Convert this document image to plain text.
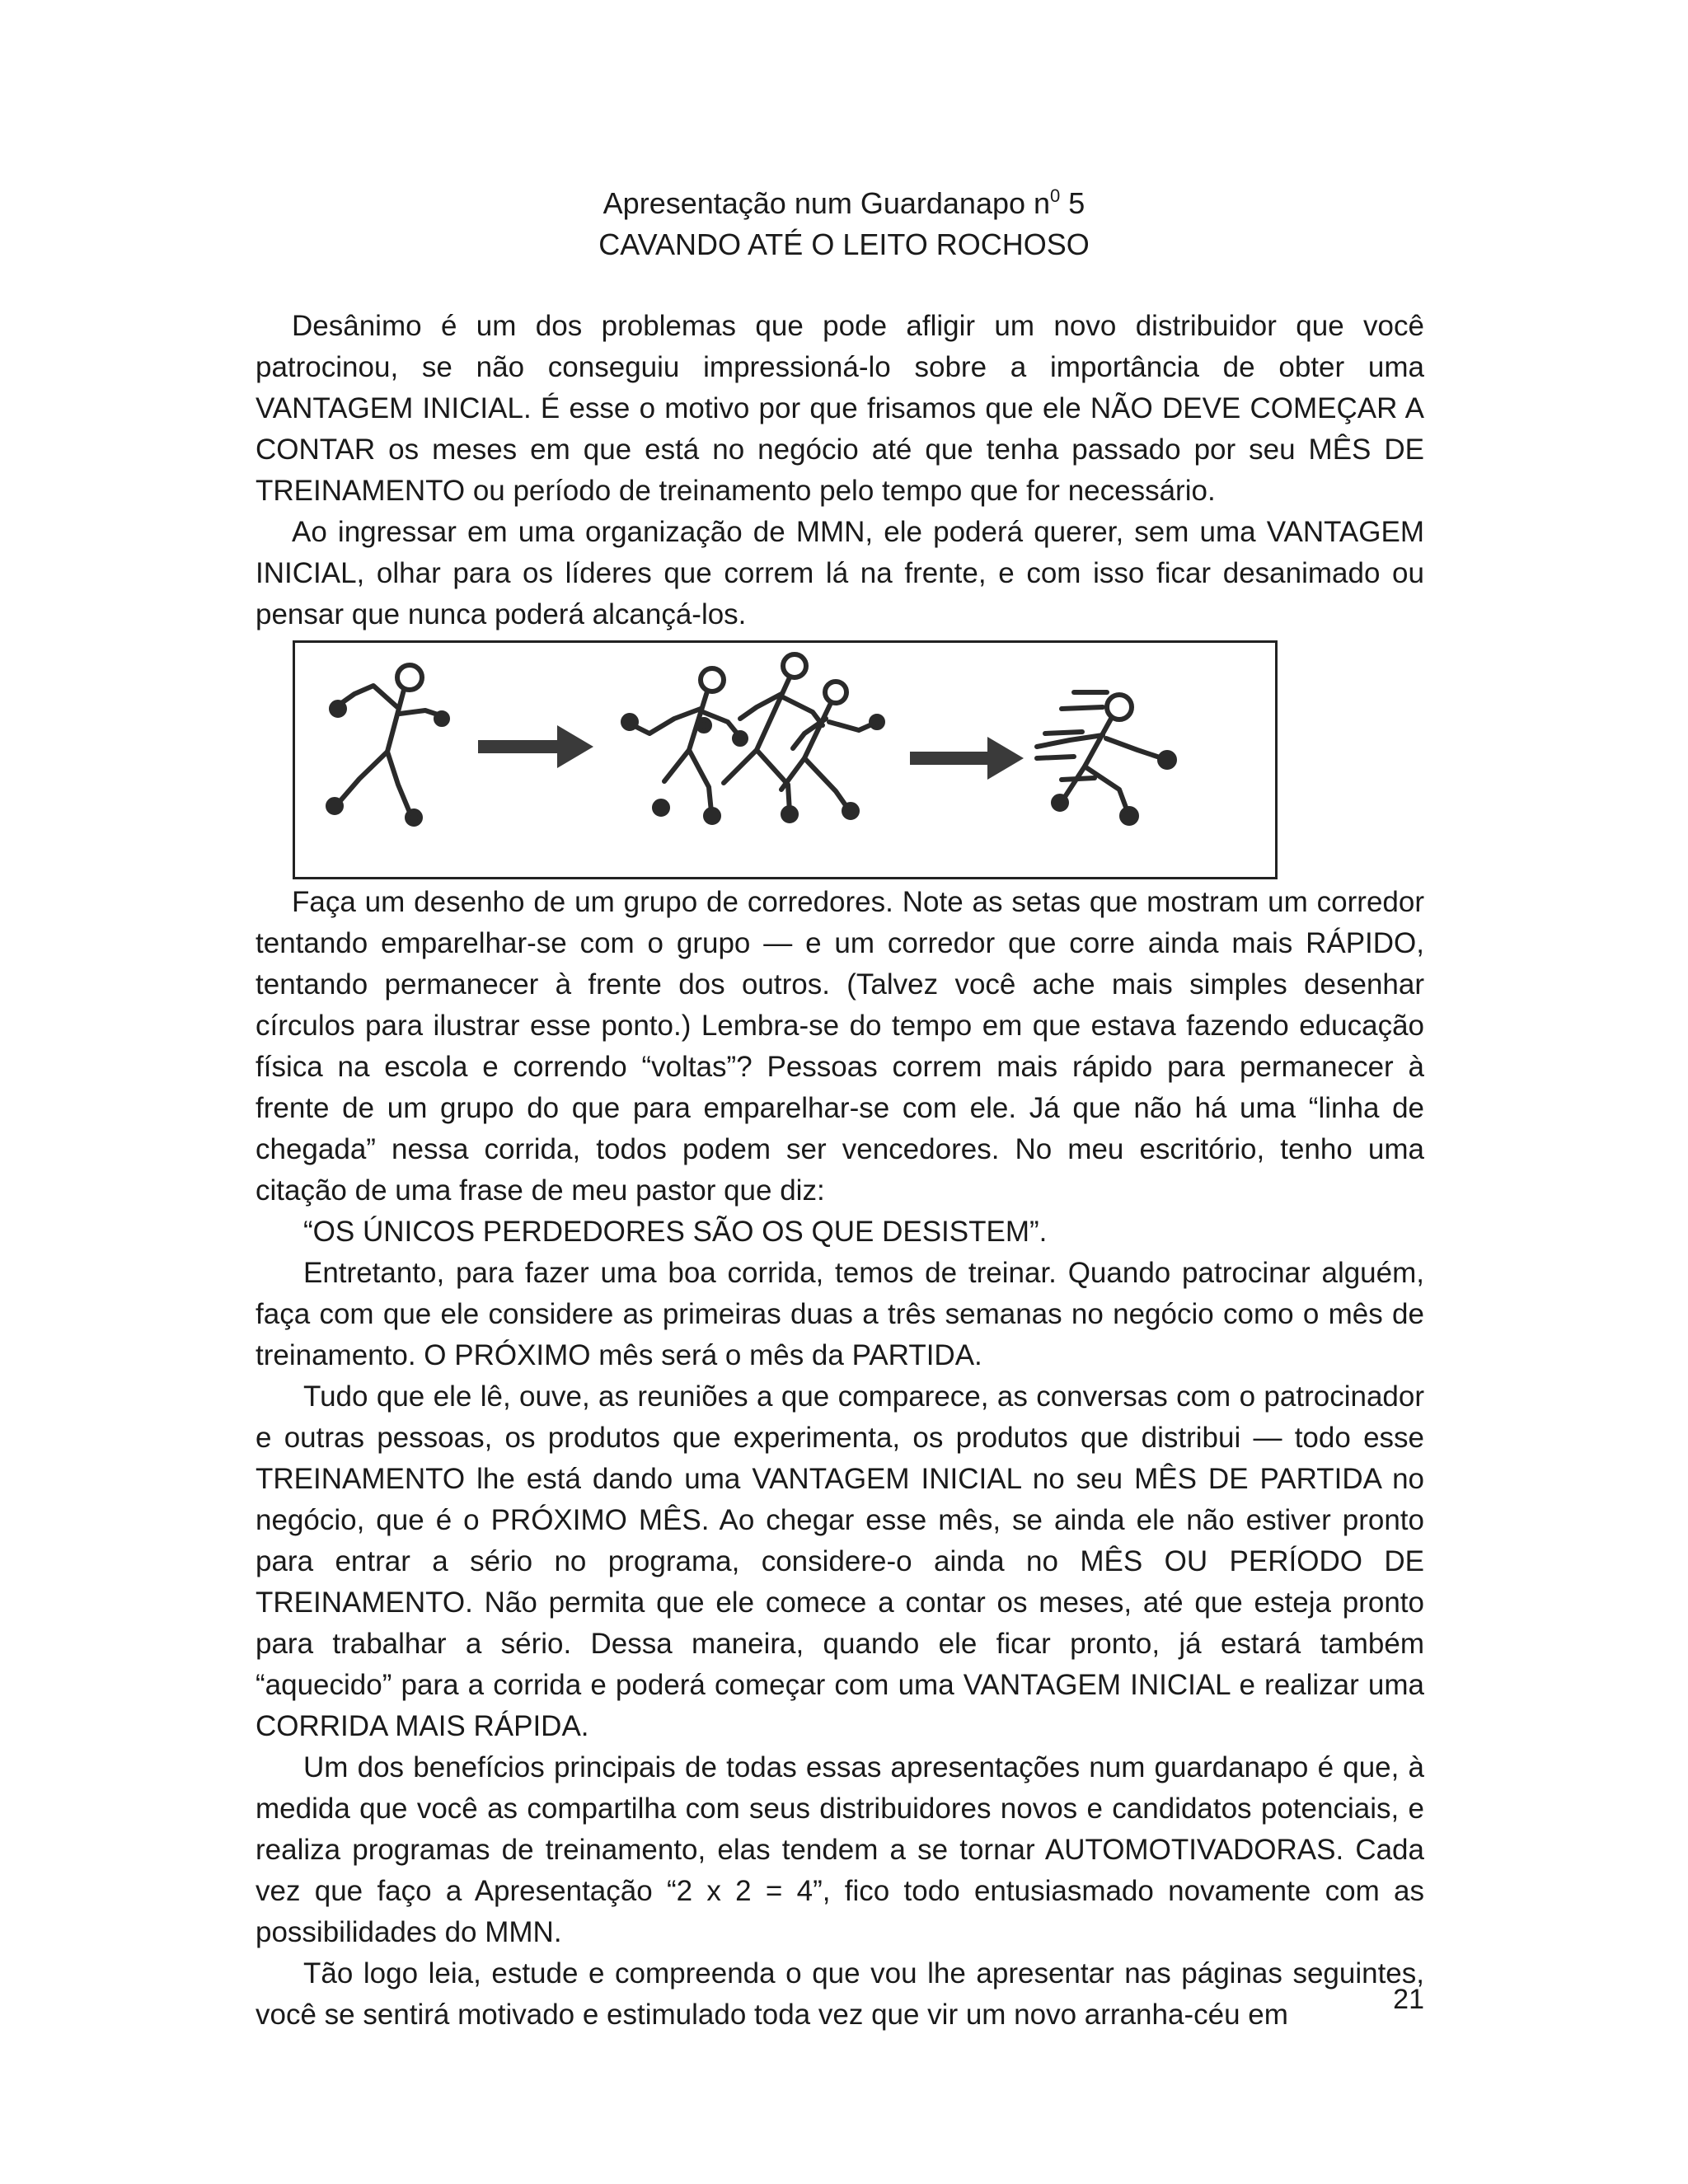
Apresentação num Guardanapo $n^0$ 5
CAVANDO ATÉ O LEITO ROCHOSO

Desânimo é um dos problemas que pode afligir um novo distribuidor que você patrocinou, se não conseguiu impressioná-lo sobre a importância de obter uma VANTAGEM INICIAL. É esse o motivo por que frisamos que ele NÃO DEVE COMEÇAR A CONTAR os meses em que está no negócio até que tenha passado por seu MÊS DE TREINAMENTO ou período de treinamento pelo tempo que for necessário.

Ao ingressar em uma organização de MMN, ele poderá querer, sem uma VANTAGEM INICIAL, olhar para os líderes que correm lá na frente, e com isso ficar desanimado ou pensar que nunca poderá alcançá-los.

Faça um desenho de um grupo de corredores. Note as setas que mostram um corredor tentando emparelhar-se com o grupo — e um corredor que corre ainda mais RÁPIDO, tentando permanecer à frente dos outros. (Talvez você ache mais simples desenhar círculos para ilustrar esse ponto.) Lembra-se do tempo em que estava fazendo educação física na escola e correndo “voltas”? Pessoas correm mais rápido para permanecer à frente de um grupo do que para emparelhar-se com ele. Já que não há uma “linha de chegada” nessa corrida, todos podem ser vencedores. No meu escritório, tenho uma citação de uma frase de meu pastor que diz:

“OS ÚNICOS PERDEDORES SÃO OS QUE DESISTEM”.

Entretanto, para fazer uma boa corrida, temos de treinar. Quando patrocinar alguém, faça com que ele considere as primeiras duas a três semanas no negócio como o mês de treinamento. O PRÓXIMO mês será o mês da PARTIDA.

Tudo que ele lê, ouve, as reuniões a que comparece, as conversas com o patrocinador e outras pessoas, os produtos que experimenta, os produtos que distribui — todo esse TREINAMENTO lhe está dando uma VANTAGEM INICIAL no seu MÊS DE PARTIDA no negócio, que é o PRÓXIMO MÊS. Ao chegar esse mês, se ainda ele não estiver pronto para entrar a sério no programa, considere-o ainda no MÊS OU PERÍODO DE TREINAMENTO. Não permita que ele comece a contar os meses, até que esteja pronto para trabalhar a sério. Dessa maneira, quando ele ficar pronto, já estará também “aquecido” para a corrida e poderá começar com uma VANTAGEM INICIAL e realizar uma CORRIDA MAIS RÁPIDA.

Um dos benefícios principais de todas essas apresentações num guardanapo é que, à medida que você as compartilha com seus distribuidores novos e candidatos potenciais, e realiza programas de treinamento, elas tendem a se tornar AUTOMOTIVADORAS. Cada vez que faço a Apresentação “2 x 2 = 4”, fico todo entusiasmado novamente com as possibilidades do MMN.

Tão logo leia, estude e compreenda o que vou lhe apresentar nas páginas seguintes, você se sentirá motivado e estimulado toda vez que vir um novo arranha-céu em	21
